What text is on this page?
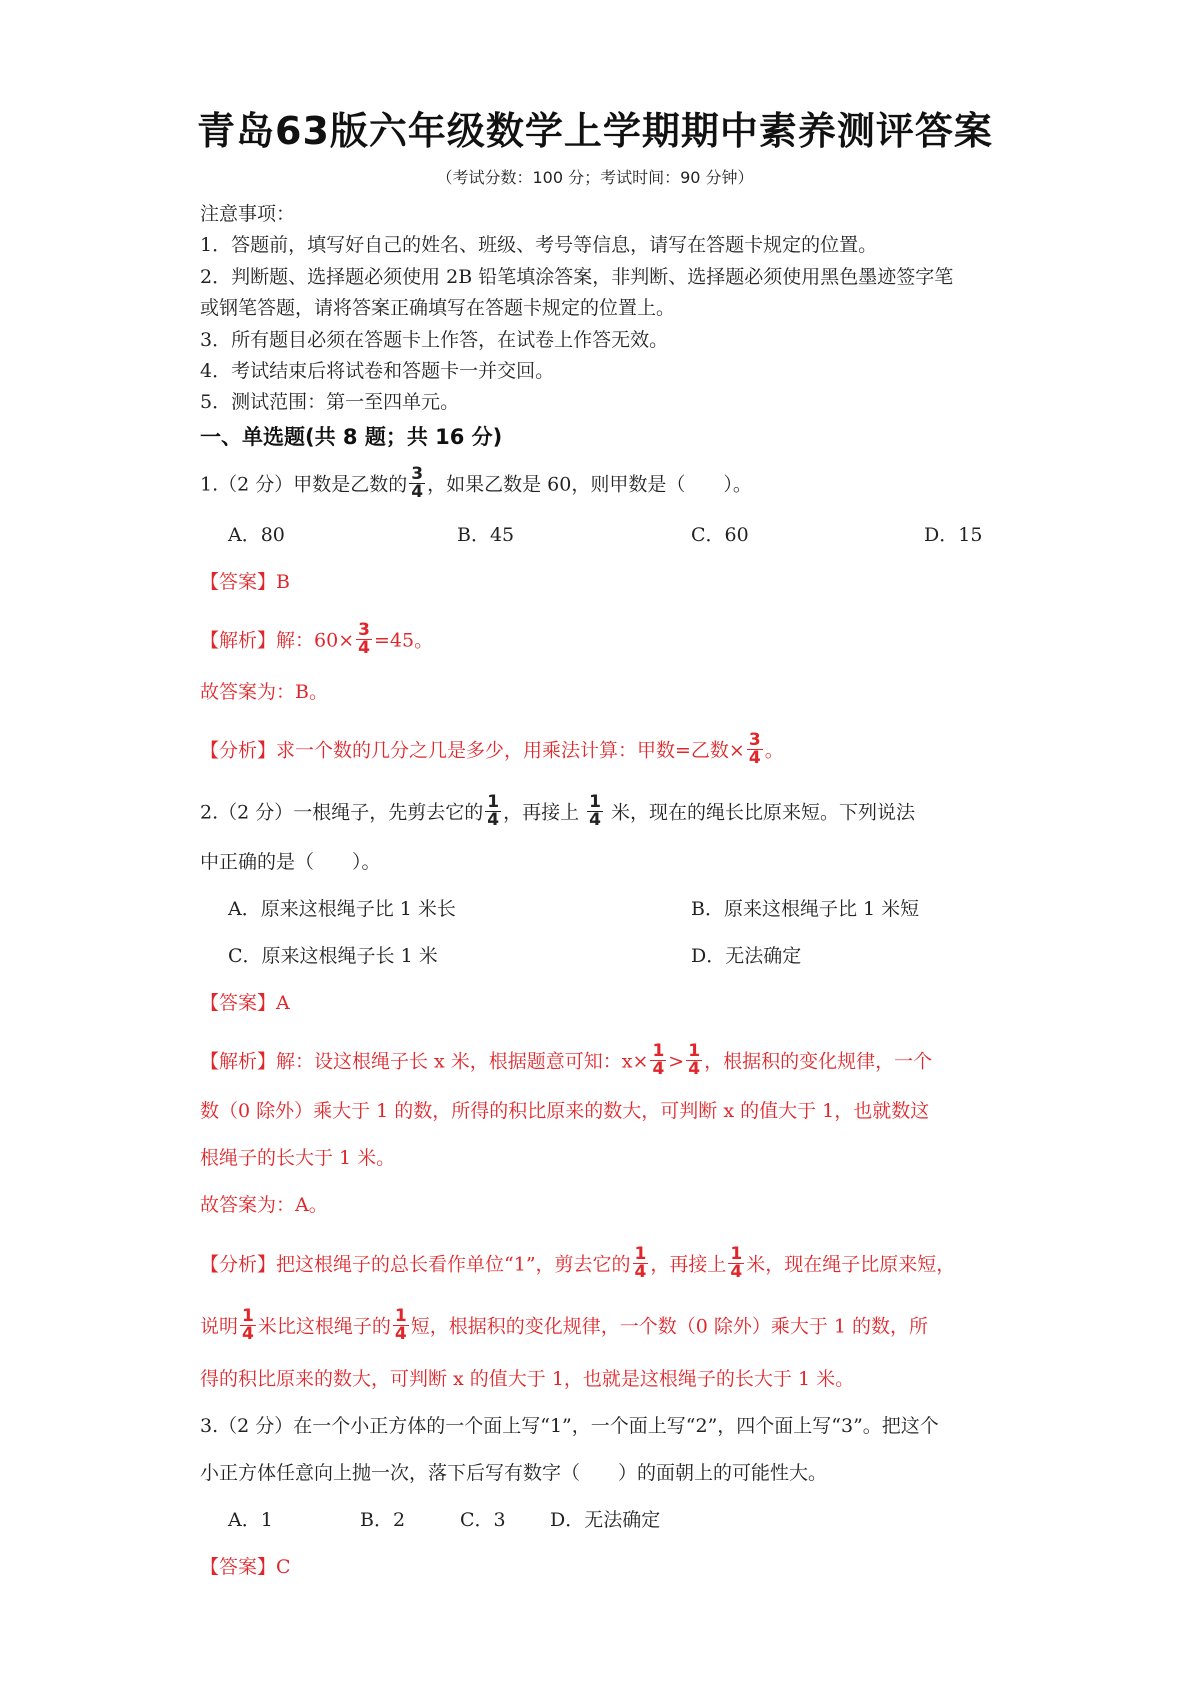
青岛63版六年级数学上学期期中素养测评答案
（考试分数：100 分；考试时间：90 分钟）
注意事项：
1．答题前，填写好自己的姓名、班级、考号等信息，请写在答题卡规定的位置。
2．判断题、选择题必须使用 2B 铅笔填涂答案，非判断、选择题必须使用黑色墨迹签字笔
或钢笔答题，请将答案正确填写在答题卡规定的位置上。
3．所有题目必须在答题卡上作答，在试卷上作答无效。
4．考试结束后将试卷和答题卡一并交回。
5．测试范围：第一至四单元。
一、单选题(共 8 题；共 16 分)
1.（2 分）甲数是乙数的 $\frac{3}{4}$ ，如果乙数是 60，则甲数是（　　）。
A．80	B．45	C．60	D．15
【答案】B
【解析】解：$60\times \frac{3}{4} =45$。
故答案为：B。
【分析】求一个数的几分之几是多少，用乘法计算：甲数=乙数× $\frac{3}{4}$ 。
2.（2 分）一根绳子，先剪去它的 $\frac{1}{4}$ ，再接上 $\frac{1}{4}$ 米，现在的绳长比原来短。下列说法
中正确的是（　　）。
A．原来这根绳子比 1 米长	B．原来这根绳子比 1 米短
C．原来这根绳子长 1 米	D．无法确定
【答案】A
【解析】解：设这根绳子长 x 米，根据题意可知：$x\times \frac{1}{4} > \frac{1}{4}$ ，根据积的变化规律，一个
数（0 除外）乘大于 1 的数，所得的积比原来的数大，可判断 x 的值大于 1，也就数这
根绳子的长大于 1 米。
故答案为：A。
【分析】把这根绳子的总长看作单位“1”，剪去它的 $\frac{1}{4}$ ，再接上 $\frac{1}{4}$ 米，现在绳子比原来短，
说明 $\frac{1}{4}$ 米比这根绳子的 $\frac{1}{4}$ 短，根据积的变化规律，一个数（0 除外）乘大于 1 的数，所
得的积比原来的数大，可判断 x 的值大于 1，也就是这根绳子的长大于 1 米。
3.（2 分）在一个小正方体的一个面上写“1”，一个面上写“2”，四个面上写“3”。把这个
小正方体任意向上抛一次，落下后写有数字（　　）的面朝上的可能性大。
A．1	B．2	C．3 D．无法确定
【答案】C
